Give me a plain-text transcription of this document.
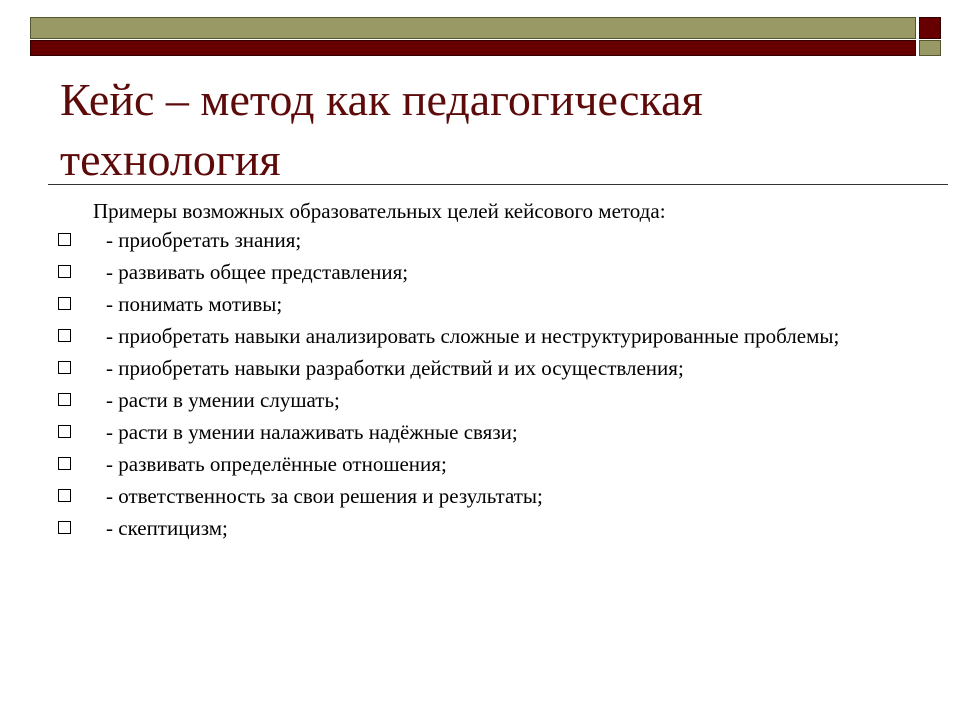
Кейс – метод как педагогическая технология
Примеры возможных образовательных целей кейсового метода:
- приобретать знания;
- развивать общее представления;
- понимать мотивы;
- приобретать навыки анализировать сложные и неструктурированные проблемы;
- приобретать навыки разработки действий и их осуществления;
- расти в умении слушать;
- расти в умении налаживать надёжные связи;
- развивать определённые отношения;
- ответственность за свои решения и результаты;
- скептицизм;
